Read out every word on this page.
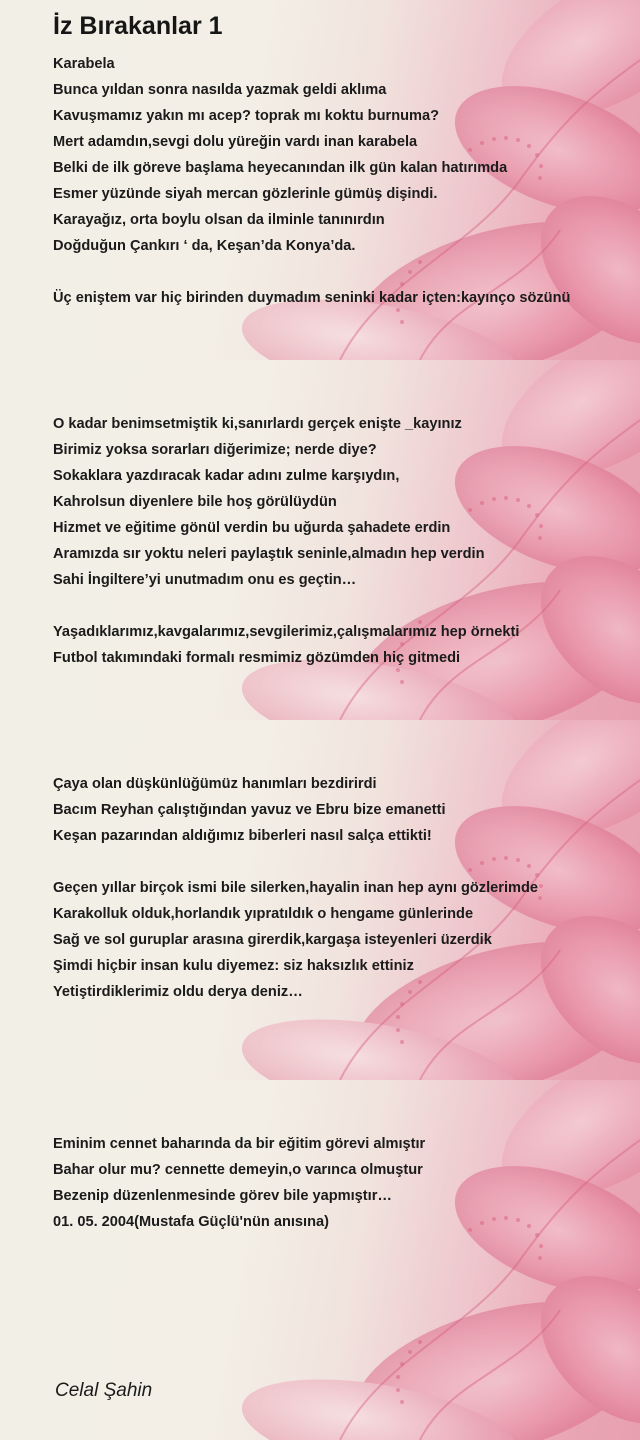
İz Bırakanlar 1
Karabela
Bunca yıldan sonra nasılda yazmak geldi aklıma
Kavuşmamız yakın mı acep? toprak mı koktu burnuma?
Mert adamdın,sevgi dolu yüreğin vardı inan karabela
Belki de ilk göreve başlama heyecanından ilk gün kalan hatırımda
Esmer yüzünde siyah mercan gözlerinle gümüş dişindi.
Karayağız, orta boylu olsan da ilminle tanınırdın
Doğduğun Çankırı ‘ da, Keşan’da Konya’da.
Üç eniştem var hiç birinden duymadım seninki kadar içten:kayınço sözünü
O kadar benimsetmiştik ki,sanırlardı gerçek enişte _kayınız
Birimiz yoksa sorarları diğerimize; nerde diye?
Sokaklara yazdıracak kadar adını zulme karşıydın,
Kahrolsun diyenlere bile hoş görülüydün
Hizmet ve eğitime gönül verdin bu uğurda şahadete erdin
Aramızda sır yoktu neleri paylaştık seninle,almadın hep verdin
Sahi İngiltere’yi unutmadım onu es geçtin…
Yaşadıklarımız,kavgalarımız,sevgilerimiz,çalışmalarımız hep örnekti
Futbol takımındaki formalı resmimiz gözümden hiç gitmedi
Çaya olan düşkünlüğümüz hanımları bezdirirdi
Bacım Reyhan çalıştığından yavuz ve Ebru bize emanetti
Keşan pazarından aldığımız biberleri nasıl salça ettikti!
Geçen yıllar birçok ismi bile silerken,hayalin inan hep aynı gözlerimde
Karakolluk olduk,horlandık yıpratıldık o hengame günlerinde
Sağ ve sol guruplar arasına girerdik,kargaşa isteyenleri üzerdik
Şimdi hiçbir insan kulu diyemez: siz haksızlık ettiniz
Yetiştirdiklerimiz oldu derya deniz…
Eminim cennet baharında da bir eğitim görevi almıştır
Bahar olur mu? cennette demeyin,o varınca olmuştur
Bezenip düzenlenmesinde görev bile yapmıştır…
01. 05. 2004(Mustafa Güçlü'nün anısına)

Celal Şahin
